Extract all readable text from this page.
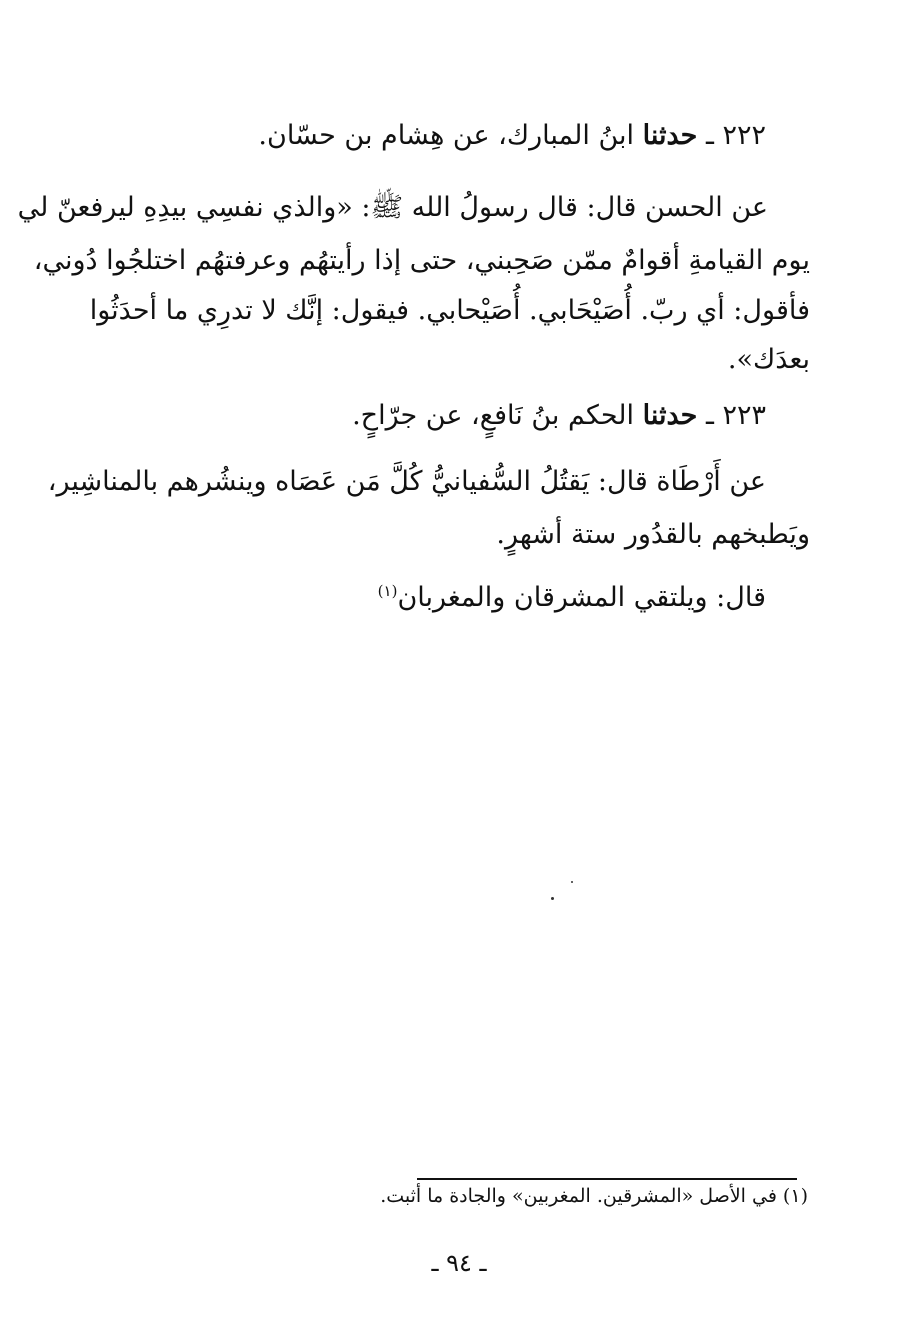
٢٢٢ ـ حدثنا ابنُ المبارك، عن هِشام بن حسّان.
عن الحسن قال: قال رسولُ الله ﷺ: «والذي نفسِي بيدِهِ ليرفعنّ لي
يوم القيامةِ أقوامٌ ممّن صَحِبني، حتى إذا رأيتهُم وعرفتهُم اختلجُوا دُوني،
فأقول: أي ربّ. أُصَيْحَابي. أُصَيْحابي. فيقول: إنَّك لا تدرِي ما أحدَثُوا
بعدَك».
٢٢٣ ـ حدثنا الحكم بنُ نَافعٍ، عن جرّاحٍ.
عن أَرْطَاة قال: يَقتُلُ السُّفيانيُّ كُلَّ مَن عَصَاه وينشُرهم بالمناشِير،
ويَطبخهم بالقدُور ستة أشهرٍ.
قال: ويلتقي المشرقان والمغربان$^{(١)}$
(١) في الأصل «المشرقين. المغربين» والجادة ما أثبت.
ـ ٩٤ ـ
